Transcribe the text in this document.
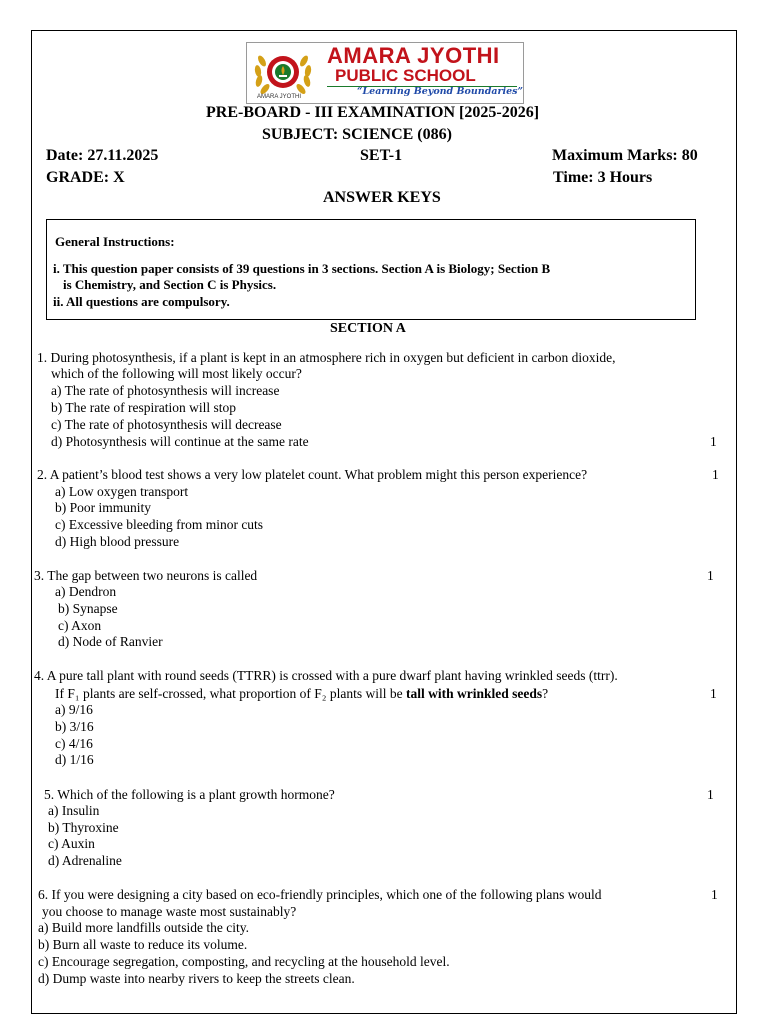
AMARA JYOTHI
AMARA JYOTHI
PUBLIC SCHOOL
“Learning Beyond Boundaries”
PRE-BOARD - III EXAMINATION [2025-2026]
SUBJECT: SCIENCE (086)
Date: 27.11.2025	SET-1	Maximum Marks: 80
GRADE: X	Time: 3 Hours
ANSWER KEYS
General Instructions:
i. This question paper consists of 39 questions in 3 sections. Section A is Biology; Section B
is Chemistry, and Section C is Physics.
ii. All questions are compulsory.
SECTION A
1. During photosynthesis, if a plant is kept in an atmosphere rich in oxygen but deficient in carbon dioxide,
which of the following will most likely occur?
a) The rate of photosynthesis will increase
b) The rate of respiration will stop
c) The rate of photosynthesis will decrease
d) Photosynthesis will continue at the same rate	1
2. A patient’s blood test shows a very low platelet count. What problem might this person experience?	1
a) Low oxygen transport
b) Poor immunity
c) Excessive bleeding from minor cuts
d) High blood pressure
3. The gap between two neurons is called	1
a) Dendron
b) Synapse
c) Axon
d) Node of Ranvier
4. A pure tall plant with round seeds (TTRR) is crossed with a pure dwarf plant having wrinkled seeds (ttrr).
If F₁ plants are self-crossed, what proportion of F₂ plants will be tall with wrinkled seeds?	1
a) 9/16
b) 3/16
c) 4/16
d) 1/16
5. Which of the following is a plant growth hormone?	1
a) Insulin
b) Thyroxine
c) Auxin
d) Adrenaline
6. If you were designing a city based on eco-friendly principles, which one of the following plans would	1
you choose to manage waste most sustainably?
a) Build more landfills outside the city.
b) Burn all waste to reduce its volume.
c) Encourage segregation, composting, and recycling at the household level.
d) Dump waste into nearby rivers to keep the streets clean.
